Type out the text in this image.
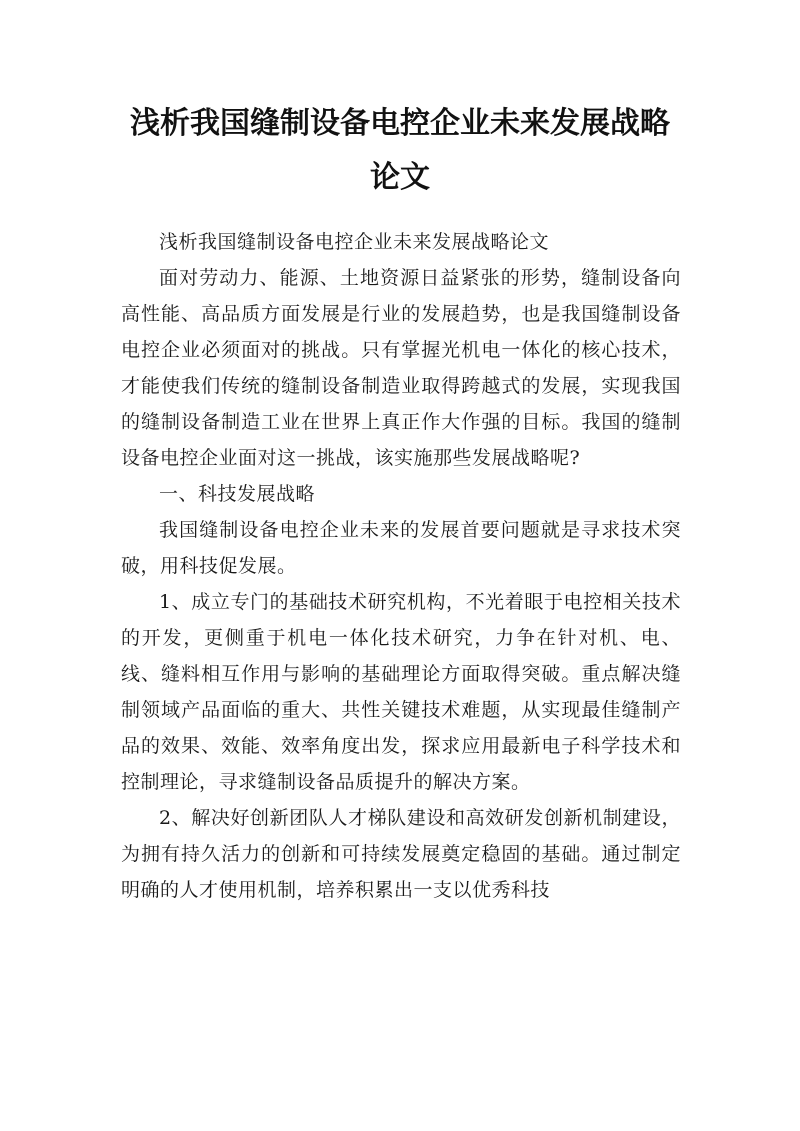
浅析我国缝制设备电控企业未来发展战略论文

浅析我国缝制设备电控企业未来发展战略论文

面对劳动力、能源、土地资源日益紧张的形势，缝制设备向高性能、高品质方面发展是行业的发展趋势，也是我国缝制设备电控企业必须面对的挑战。只有掌握光机电一体化的核心技术，才能使我们传统的缝制设备制造业取得跨越式的发展，实现我国的缝制设备制造工业在世界上真正作大作强的目标。我国的缝制设备电控企业面对这一挑战，该实施那些发展战略呢?

一、科技发展战略

我国缝制设备电控企业未来的发展首要问题就是寻求技术突破，用科技促发展。

1、成立专门的基础技术研究机构，不光着眼于电控相关技术的开发，更侧重于机电一体化技术研究，力争在针对机、电、线、缝料相互作用与影响的基础理论方面取得突破。重点解决缝制领域产品面临的重大、共性关键技术难题，从实现最佳缝制产品的效果、效能、效率角度出发，探求应用最新电子科学技术和控制理论，寻求缝制设备品质提升的解决方案。

2、解决好创新团队人才梯队建设和高效研发创新机制建设，为拥有持久活力的创新和可持续发展奠定稳固的基础。通过制定明确的人才使用机制，培养积累出一支以优秀科技
